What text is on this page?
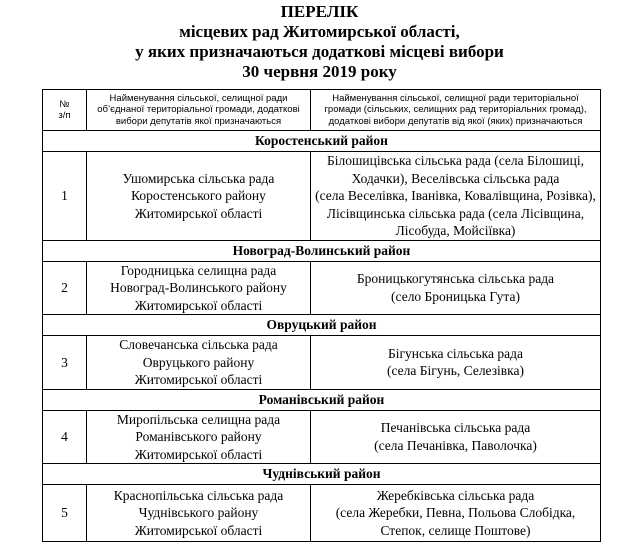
ПЕРЕЛІК
місцевих рад Житомирської області,
у яких призначаються додаткові місцеві вибори
30 червня 2019 року
№
з/п	Найменування сільської, селищної ради
об’єднаної територіальної громади, додаткові
вибори депутатів якої призначаються	Найменування сільської, селищної ради територіальної
громади (сільських, селищних рад територіальних громад),
додаткові вибори депутатів від якої (яких) призначаються

Коростенський район		
1	Ушомирська сільська рада
Коростенського району
Житомирської області	Білошицівська сільська рада (села Білошиці,
Ходачки), Веселівська сільська рада
(села Веселівка, Іванівка, Ковалівщина, Розівка),
Лісівщинська сільська рада (села Лісівщина,
Лісобуда, Мойсіївка)

Новоград-Волинський район		
2	Городницька селищна рада
Новоград-Волинського району
Житомирської області	Броницькогутянська сільська рада
(село Броницька Гута)

Овруцький район		
3	Словечанська сільська рада
Овруцького району
Житомирської області	Бігунська сільська рада
(села Бігунь, Селезівка)

Романівський район		
4	Миропільська селищна рада
Романівського району
Житомирської області	Печанівська сільська рада
(села Печанівка, Паволочка)

Чуднівський район		
5	Краснопільська сільська рада
Чуднівського району
Житомирської області	Жеребківська сільська рада
(села Жеребки, Певна, Польова Слобідка,
Степок, селище Поштове)
